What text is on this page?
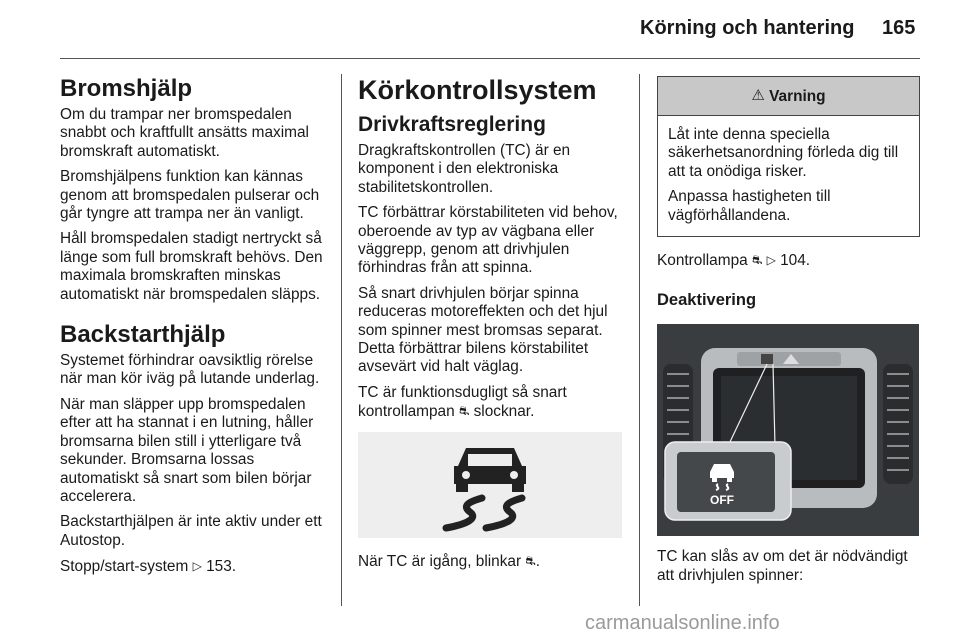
Körning och hantering 165
Bromshjälp

Om du trampar ner bromspedalen snabbt och kraftfullt ansätts maximal bromskraft automatiskt.

Bromshjälpens funktion kan kännas genom att bromspedalen pulserar och går tyngre att trampa ner än vanligt.

Håll bromspedalen stadigt nertryckt så länge som full bromskraft behövs. Den maximala bromskraften minskas automatiskt när bromspedalen släpps.

Backstarthjälp

Systemet förhindrar oavsiktlig rörelse när man kör iväg på lutande underlag.

När man släpper upp bromspedalen efter att ha stannat i en lutning, håller bromsarna bilen still i ytterligare två sekunder. Bromsarna lossas automatiskt så snart som bilen börjar accelerera.

Backstarthjälpen är inte aktiv under ett Autostop.

Stopp/start-system ▷ 153.

Körkontrollsystem
Drivkraftsreglering

Dragkraftskontrollen (TC) är en komponent i den elektroniska stabilitetskontrollen.

TC förbättrar körstabiliteten vid behov, oberoende av typ av vägbana eller väggrepp, genom att drivhjulen förhindras från att spinna.

Så snart drivhjulen börjar spinna reduceras motoreffekten och det hjul som spinner mest bromsas separat. Detta förbättrar bilens körstabilitet avsevärt vid halt väglag.

TC är funktionsdugligt så snart kontrollampan ⛐ slocknar.

När TC är igång, blinkar ⛐.

⚠ Varning

Låt inte denna speciella säkerhetsanordning förleda dig till att ta onödiga risker.

Anpassa hastigheten till vägförhållandena.

Kontrollampa ⛐ ▷ 104.

Deaktivering
OFF

TC kan slås av om det är nödvändigt att drivhjulen spinner:

carmanualsonline.info
